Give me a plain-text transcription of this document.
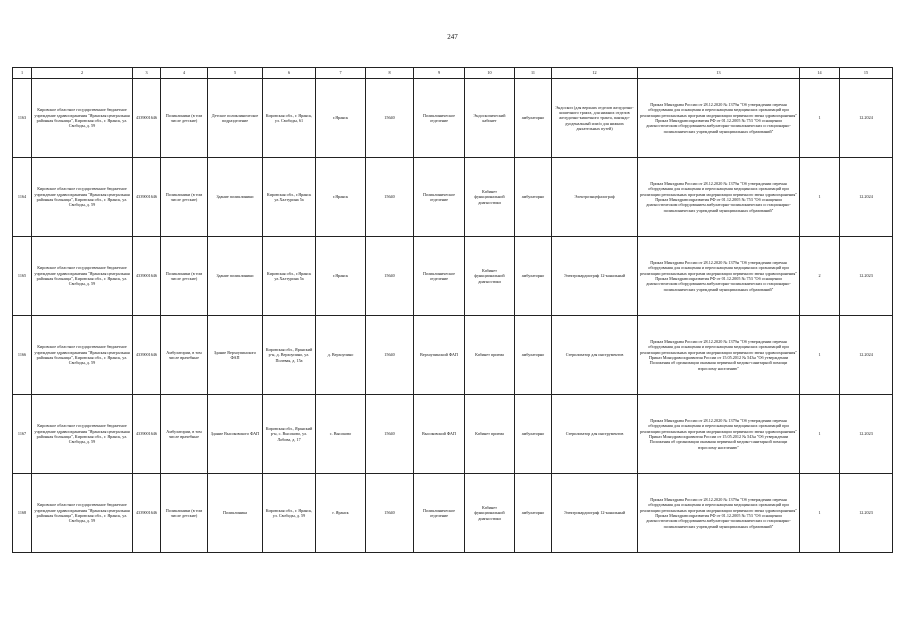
247
1	2	3	4	5	6	7	8	9	10	11	12	13	14	15
1163	Кировское областное государственное бюджетное учреждение здравоохранения "Яранская центральная районная больница", Кировская обл., г. Яранск, ул. Свободы, д. 59	4339001646	Поликлиники (в том числе детские)	Детское поликлиническое подразделение	Кировская обл., г. Яранск, ул. Свободы, 61	г.Яранск	15640	Поликлиническое отделение	Эндоскопический кабинет	амбулаторно	Эндоскоп (для верхних отделов желудочно-кишечного тракта, для нижних отделов желудочно-кишечного тракта, панэндо-дуоденальный или/и для нижних дыхательных путей)	Приказ Минздрава России от 28.12.2020 № 1379н "Об утверждении перечня оборудования для оснащения и переоснащения медицинских организаций при реализации региональных программ модернизации первичного звена здравоохранения" Приказ Минздравсоцразвития РФ от 01.12.2005 № 753 "Об оснащении диагностическим оборудованием амбулаторно-поликлинических и стационарно-поликлинических учреждений муниципальных образований"	1	12.2024
1164	Кировское областное государственное бюджетное учреждение здравоохранения "Яранская центральная районная больница", Кировская обл., г. Яранск, ул. Свободы, д. 59	4339001646	Поликлиники (в том числе детские)	Здание поликлиники	Кировская обл., г.Яранск ул.Халтурина 5а	г.Яранск	15640	Поликлиническое отделение	Кабинет функциональной диагностики	амбулаторно	Электроэнцефалограф	Приказ Минздрава России от 28.12.2020 № 1379н "Об утверждении перечня оборудования для оснащения и переоснащения медицинских организаций при реализации региональных программ модернизации первичного звена здравоохранения" Приказ Минздравсоцразвития РФ от 01.12.2005 № 753 "Об оснащении диагностическим оборудованием амбулаторно-поликлинических и стационарно-поликлинических учреждений муниципальных образований"	1	12.2024
1165	Кировское областное государственное бюджетное учреждение здравоохранения "Яранская центральная районная больница", Кировская обл., г. Яранск, ул. Свободы, д. 59	4339001646	Поликлиники (в том числе детские)	Здание поликлиники	Кировская обл., г.Яранск ул.Халтурина 5а	г.Яранск	15640	Поликлиническое отделение	Кабинет функциональной диагностики	амбулаторно	Электрокардиограф 12-канальный	Приказ Минздрава России от 28.12.2020 № 1379н "Об утверждении перечня оборудования для оснащения и переоснащения медицинских организаций при реализации региональных программ модернизации первичного звена здравоохранения" Приказ Минздравсоцразвития РФ от 01.12.2005 № 753 "Об оснащении диагностическим оборудованием амбулаторно-поликлинических и стационарно-поликлинических учреждений муниципальных образований"	2	12.2023
1166	Кировское областное государственное бюджетное учреждение здравоохранения "Яранская центральная районная больница", Кировская обл., г. Яранск, ул. Свободы, д. 59	4339001646	Амбулатории, в том числе врачебные	Здание Верхоупинского ФАП	Кировская обл., Яранский р-н, д. Верхоупино, ул. Полевая, д. 15а	д. Верхоупино	15640	Верхоупинский ФАП	Кабинет приема	амбулаторно	Стерилизатор для инструментов	Приказ Минздрава России от 28.12.2020 № 1379н "Об утверждении перечня оборудования для оснащения и переоснащения медицинских организаций при реализации региональных программ модернизации первичного звена здравоохранения" Приказ Минздравсоцразвития России от 15.05.2012 № 543н "Об утверждении Положения об организации оказания первичной медико-санитарной помощи взрослому населению"	1	12.2024
1167	Кировское областное государственное бюджетное учреждение здравоохранения "Яранская центральная районная больница", Кировская обл., г. Яранск, ул. Свободы, д. 59	4339001646	Амбулатории, в том числе врачебные	Здание Высоковского ФАП	Кировская обл., Яранский р-н, с. Высоково, ул. Лобова, д. 17	с. Высоково	15640	Высоковский ФАП	Кабинет приема	амбулаторно	Стерилизатор для инструментов	Приказ Минздрава России от 28.12.2020 № 1379н "Об утверждении перечня оборудования для оснащения и переоснащения медицинских организаций при реализации региональных программ модернизации первичного звена здравоохранения" Приказ Минздравсоцразвития России от 15.05.2012 № 543н "Об утверждении Положения об организации оказания первичной медико-санитарной помощи взрослому населению"	1	12.2023
1168	Кировское областное государственное бюджетное учреждение здравоохранения "Яранская центральная районная больница", Кировская обл., г. Яранск, ул. Свободы, д. 59	4339001646	Поликлиники (в том числе детские)	Поликлиника	Кировская обл., г. Яранск, ул. Свободы, д. 59	г. Яранск	15640	Поликлиническое отделение	Кабинет функциональной диагностики	амбулаторно	Электрокардиограф 12-канальный	Приказ Минздрава России от 28.12.2020 № 1379н "Об утверждении перечня оборудования для оснащения и переоснащения медицинских организаций при реализации региональных программ модернизации первичного звена здравоохранения" Приказ Минздравсоцразвития РФ от 01.12.2005 № 753 "Об оснащении диагностическим оборудованием амбулаторно-поликлинических и стационарно-поликлинических учреждений муниципальных образований"	1	12.2023
